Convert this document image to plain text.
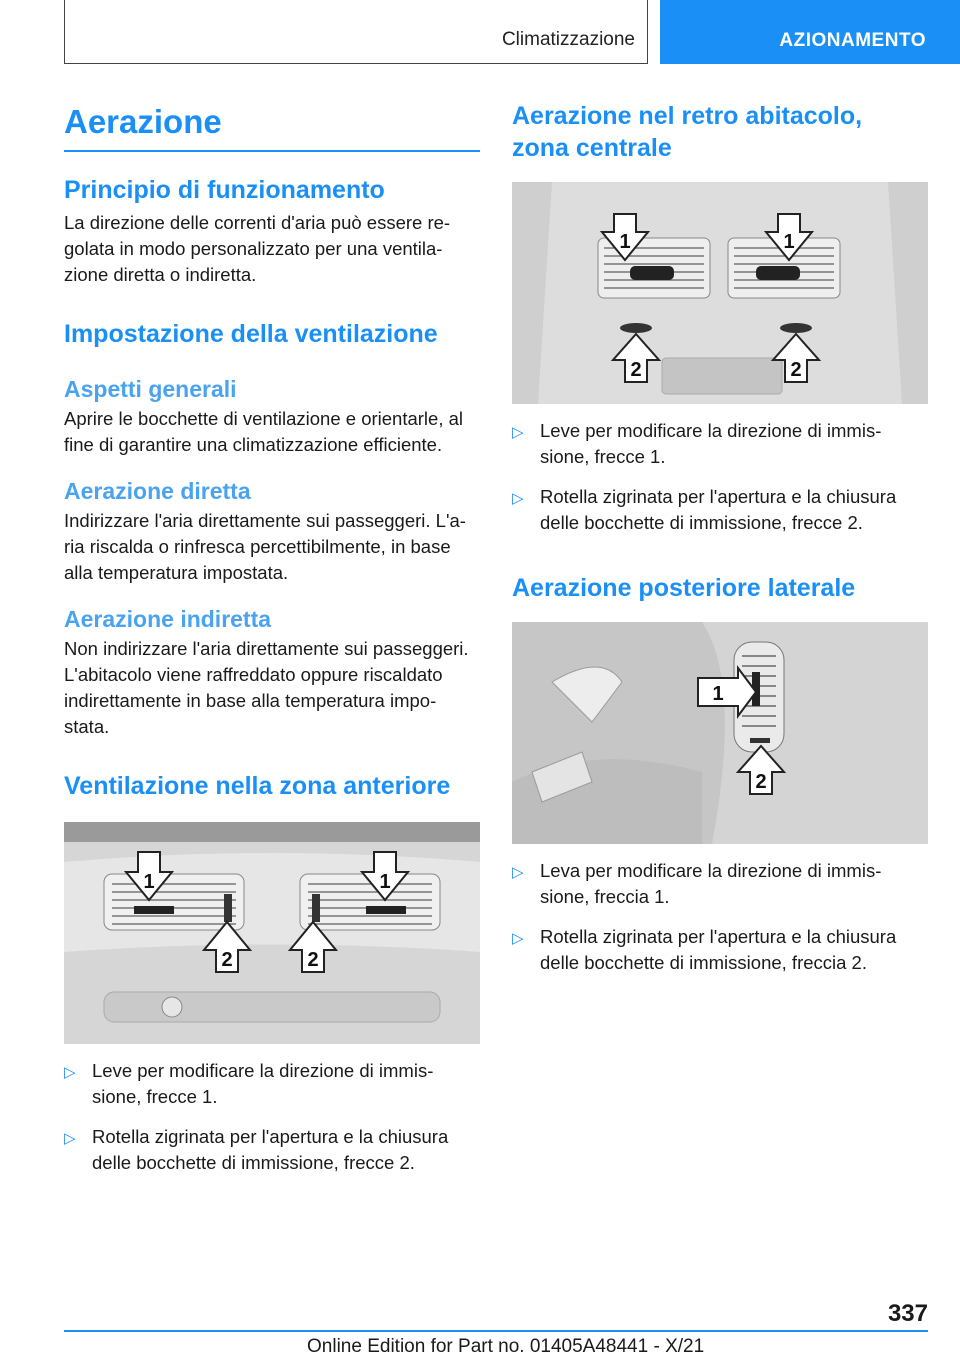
Climatizzazione	AZIONAMENTO
Aerazione
Principio di funzionamento

La direzione delle correnti d'aria può essere re-golata in modo personalizzato per una ventila-zione diretta o indiretta.

Impostazione della ventilazione
Aspetti generali

Aprire le bocchette di ventilazione e orientarle, al fine di garantire una climatizzazione efficiente.

Aerazione diretta

Indirizzare l'aria direttamente sui passeggeri. L'a-ria riscalda o rinfresca percettibilmente, in base alla temperatura impostata.

Aerazione indiretta

Non indirizzare l'aria direttamente sui passeggeri. L'abitacolo viene raffreddato oppure riscaldato indirettamente in base alla temperatura impo-stata.

Ventilazione nella zona anteriore
1	1
2	2
▷ Leve per modificare la direzione di immis-sione, frecce 1.
▷ Rotella zigrinata per l'apertura e la chiusura delle bocchette di immissione, frecce 2.
Aerazione nel retro abitacolo, zona centrale
1	1
2	2
▷ Leve per modificare la direzione di immis-sione, frecce 1.
▷ Rotella zigrinata per l'apertura e la chiusura delle bocchette di immissione, frecce 2.
Aerazione posteriore laterale
1
2
▷ Leva per modificare la direzione di immis-sione, freccia 1.
▷ Rotella zigrinata per l'apertura e la chiusura delle bocchette di immissione, freccia 2.
337
Online Edition for Part no. 01405A48441 - X/21
